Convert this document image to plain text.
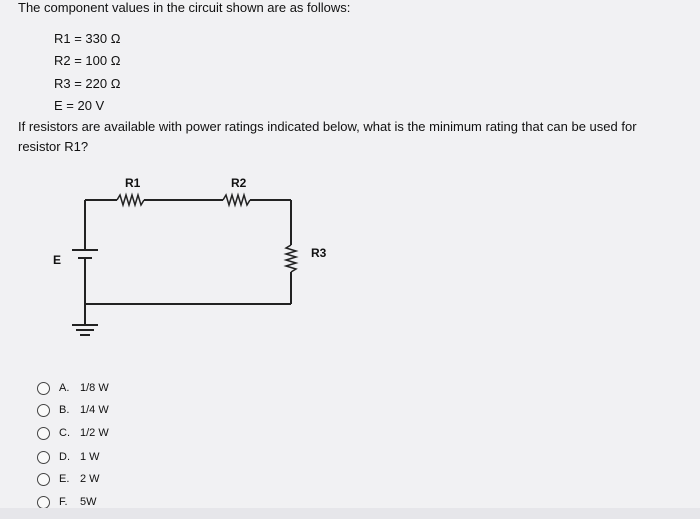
The component values in the circuit shown are as follows:
R1 = 330 Ω
R2 = 100 Ω
R3 = 220 Ω
E = 20 V
If resistors are available with power ratings indicated below, what is the minimum rating that can be used for
resistor R1?
R1	R2
R3
E
A. 1/8 W
B. 1/4 W
C. 1/2 W
D. 1 W
E. 2 W
F.	5W
